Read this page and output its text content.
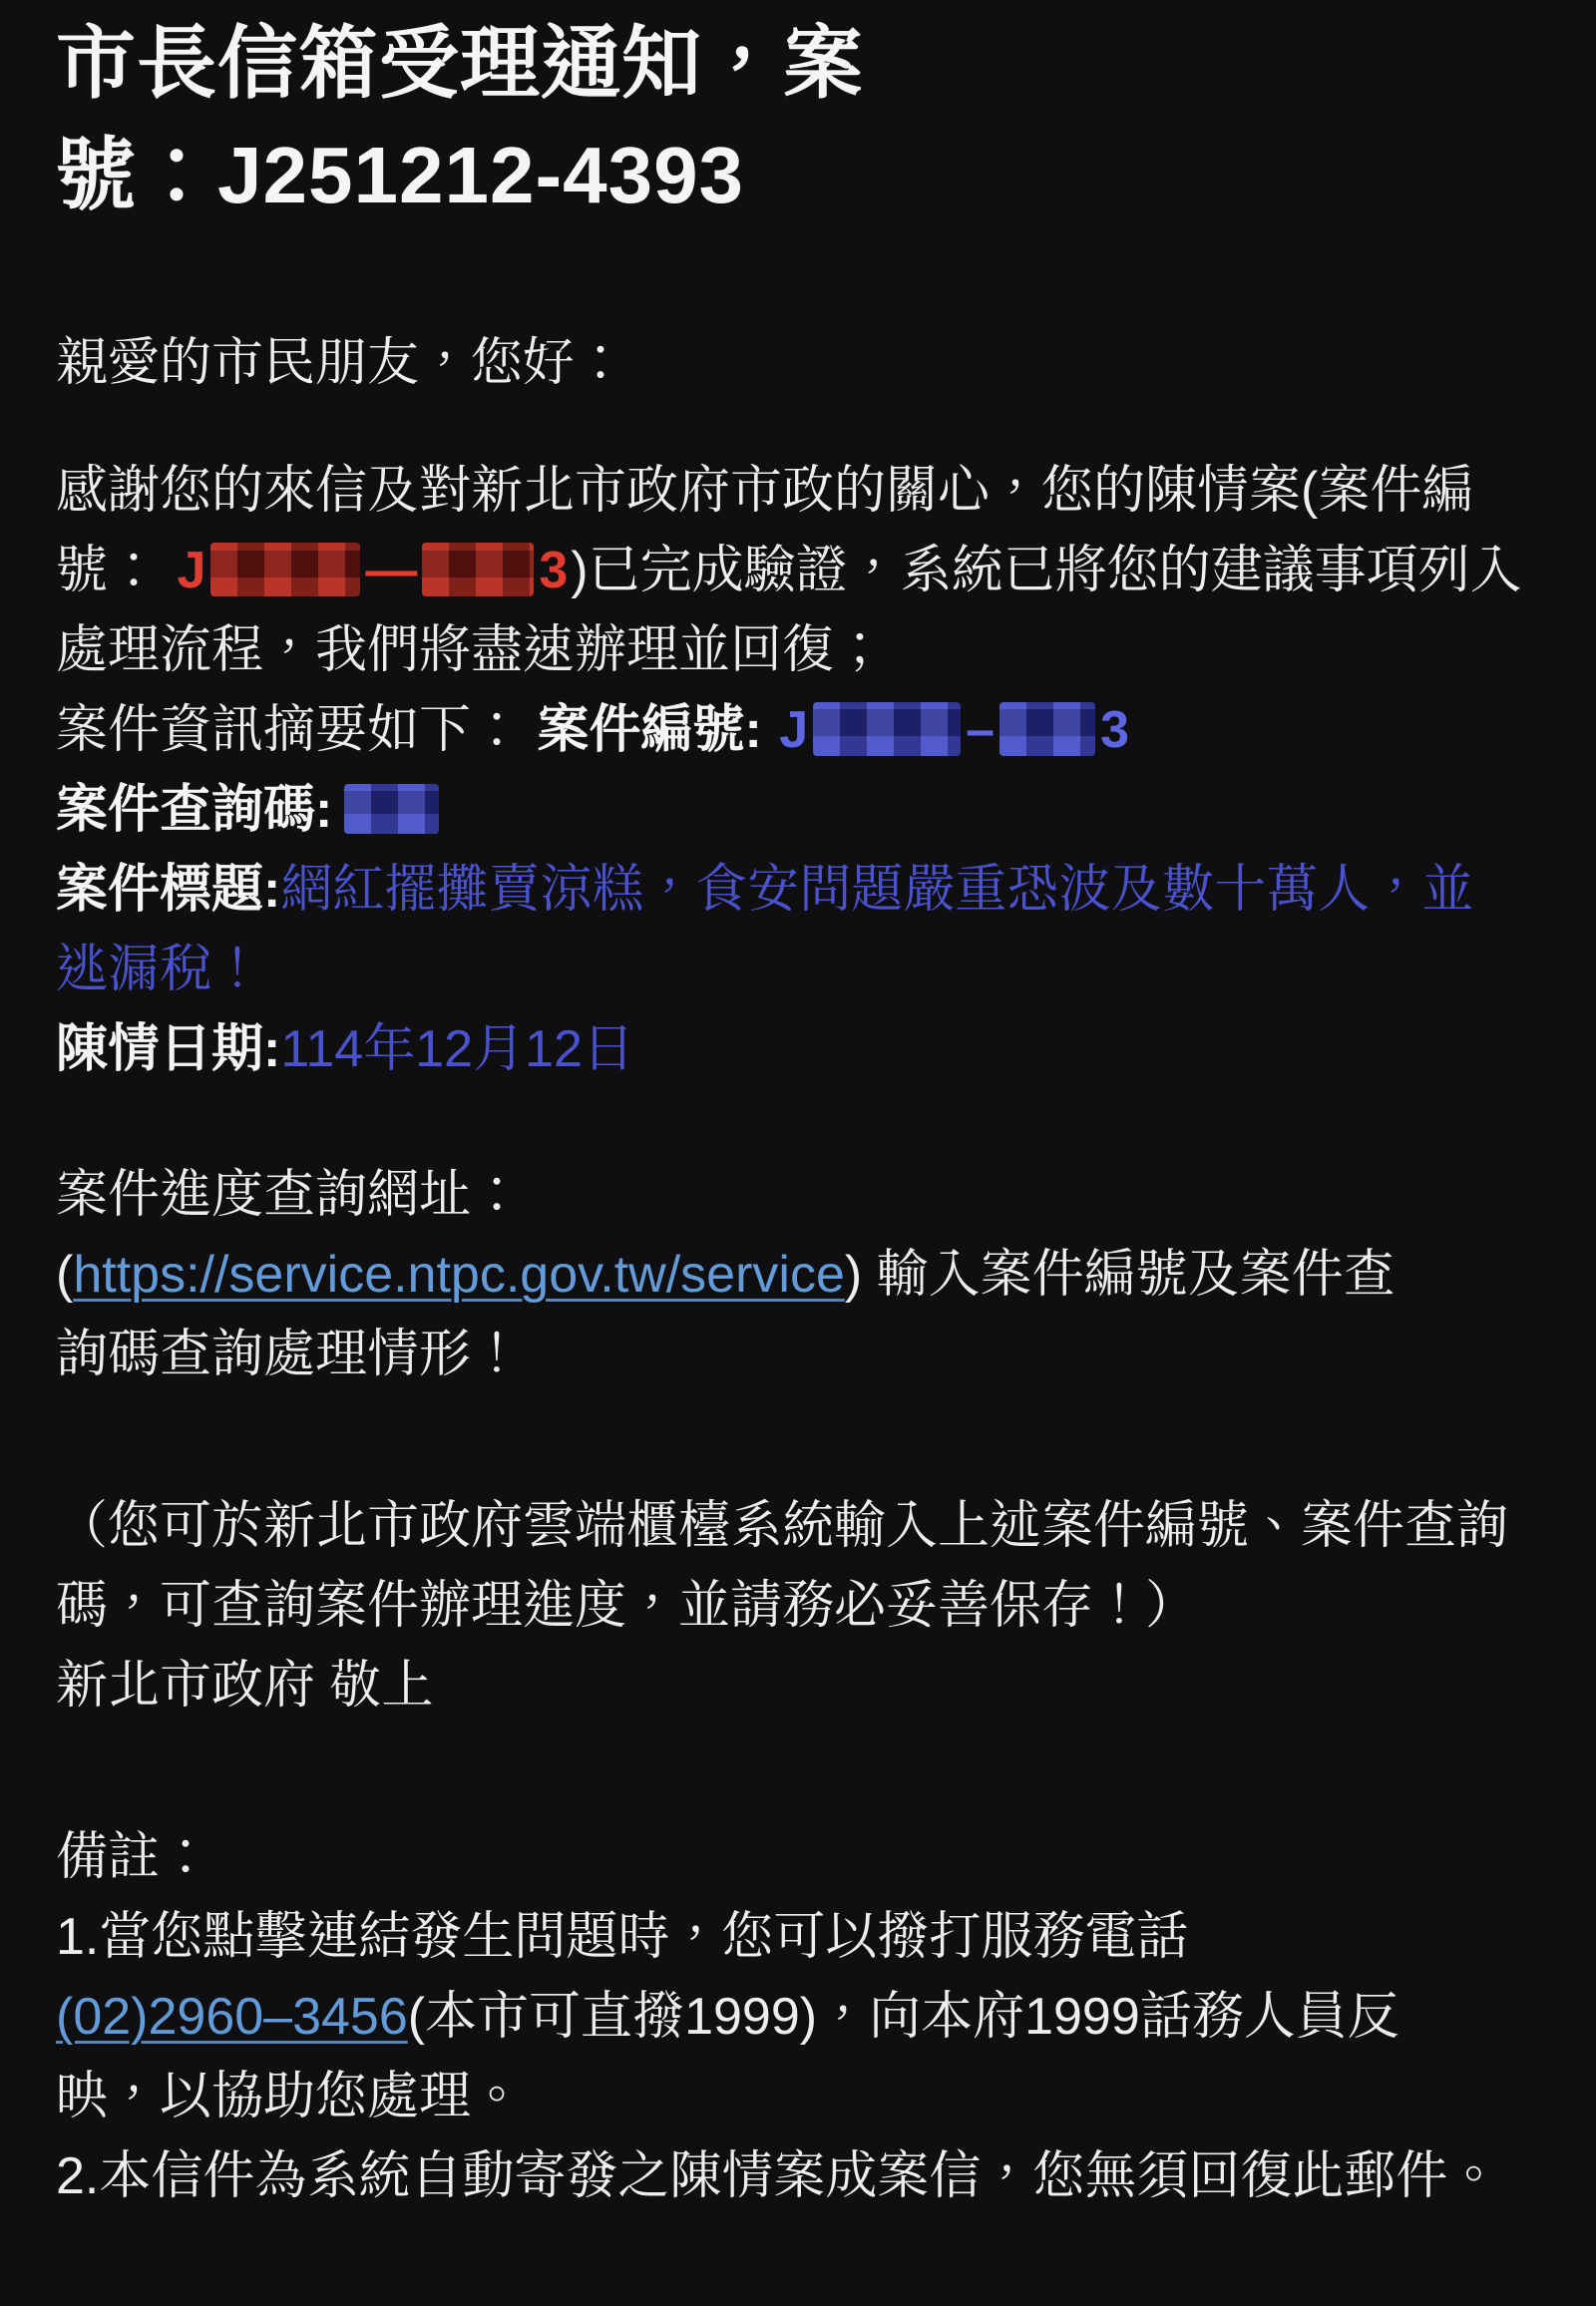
市長信箱受理通知，案
號：J251212-4393

親愛的市民朋友，您好：

感謝您的來信及對新北市政府市政的關心，您的陳情案(案件編
號： J	— 3)已完成驗證，系統已將您的建議事項列入
處理流程，我們將盡速辦理並回復；
案件資訊摘要如下： 案件編號: J	– 3
案件查詢碼:
案件標題:網紅擺攤賣涼糕，食安問題嚴重恐波及數十萬人，並
逃漏稅！
陳情日期:114年12月12日

案件進度查詢網址：
(https://service.ntpc.gov.tw/service) 輸入案件編號及案件查
詢碼查詢處理情形！

（您可於新北市政府雲端櫃檯系統輸入上述案件編號、案件查詢
碼，可查詢案件辦理進度，並請務必妥善保存！）
新北市政府 敬上

備註：
1.當您點擊連結發生問題時，您可以撥打服務電話
(02)2960–3456(本市可直撥1999)，向本府1999話務人員反
映，以協助您處理。
2.本信件為系統自動寄發之陳情案成案信，您無須回復此郵件。
